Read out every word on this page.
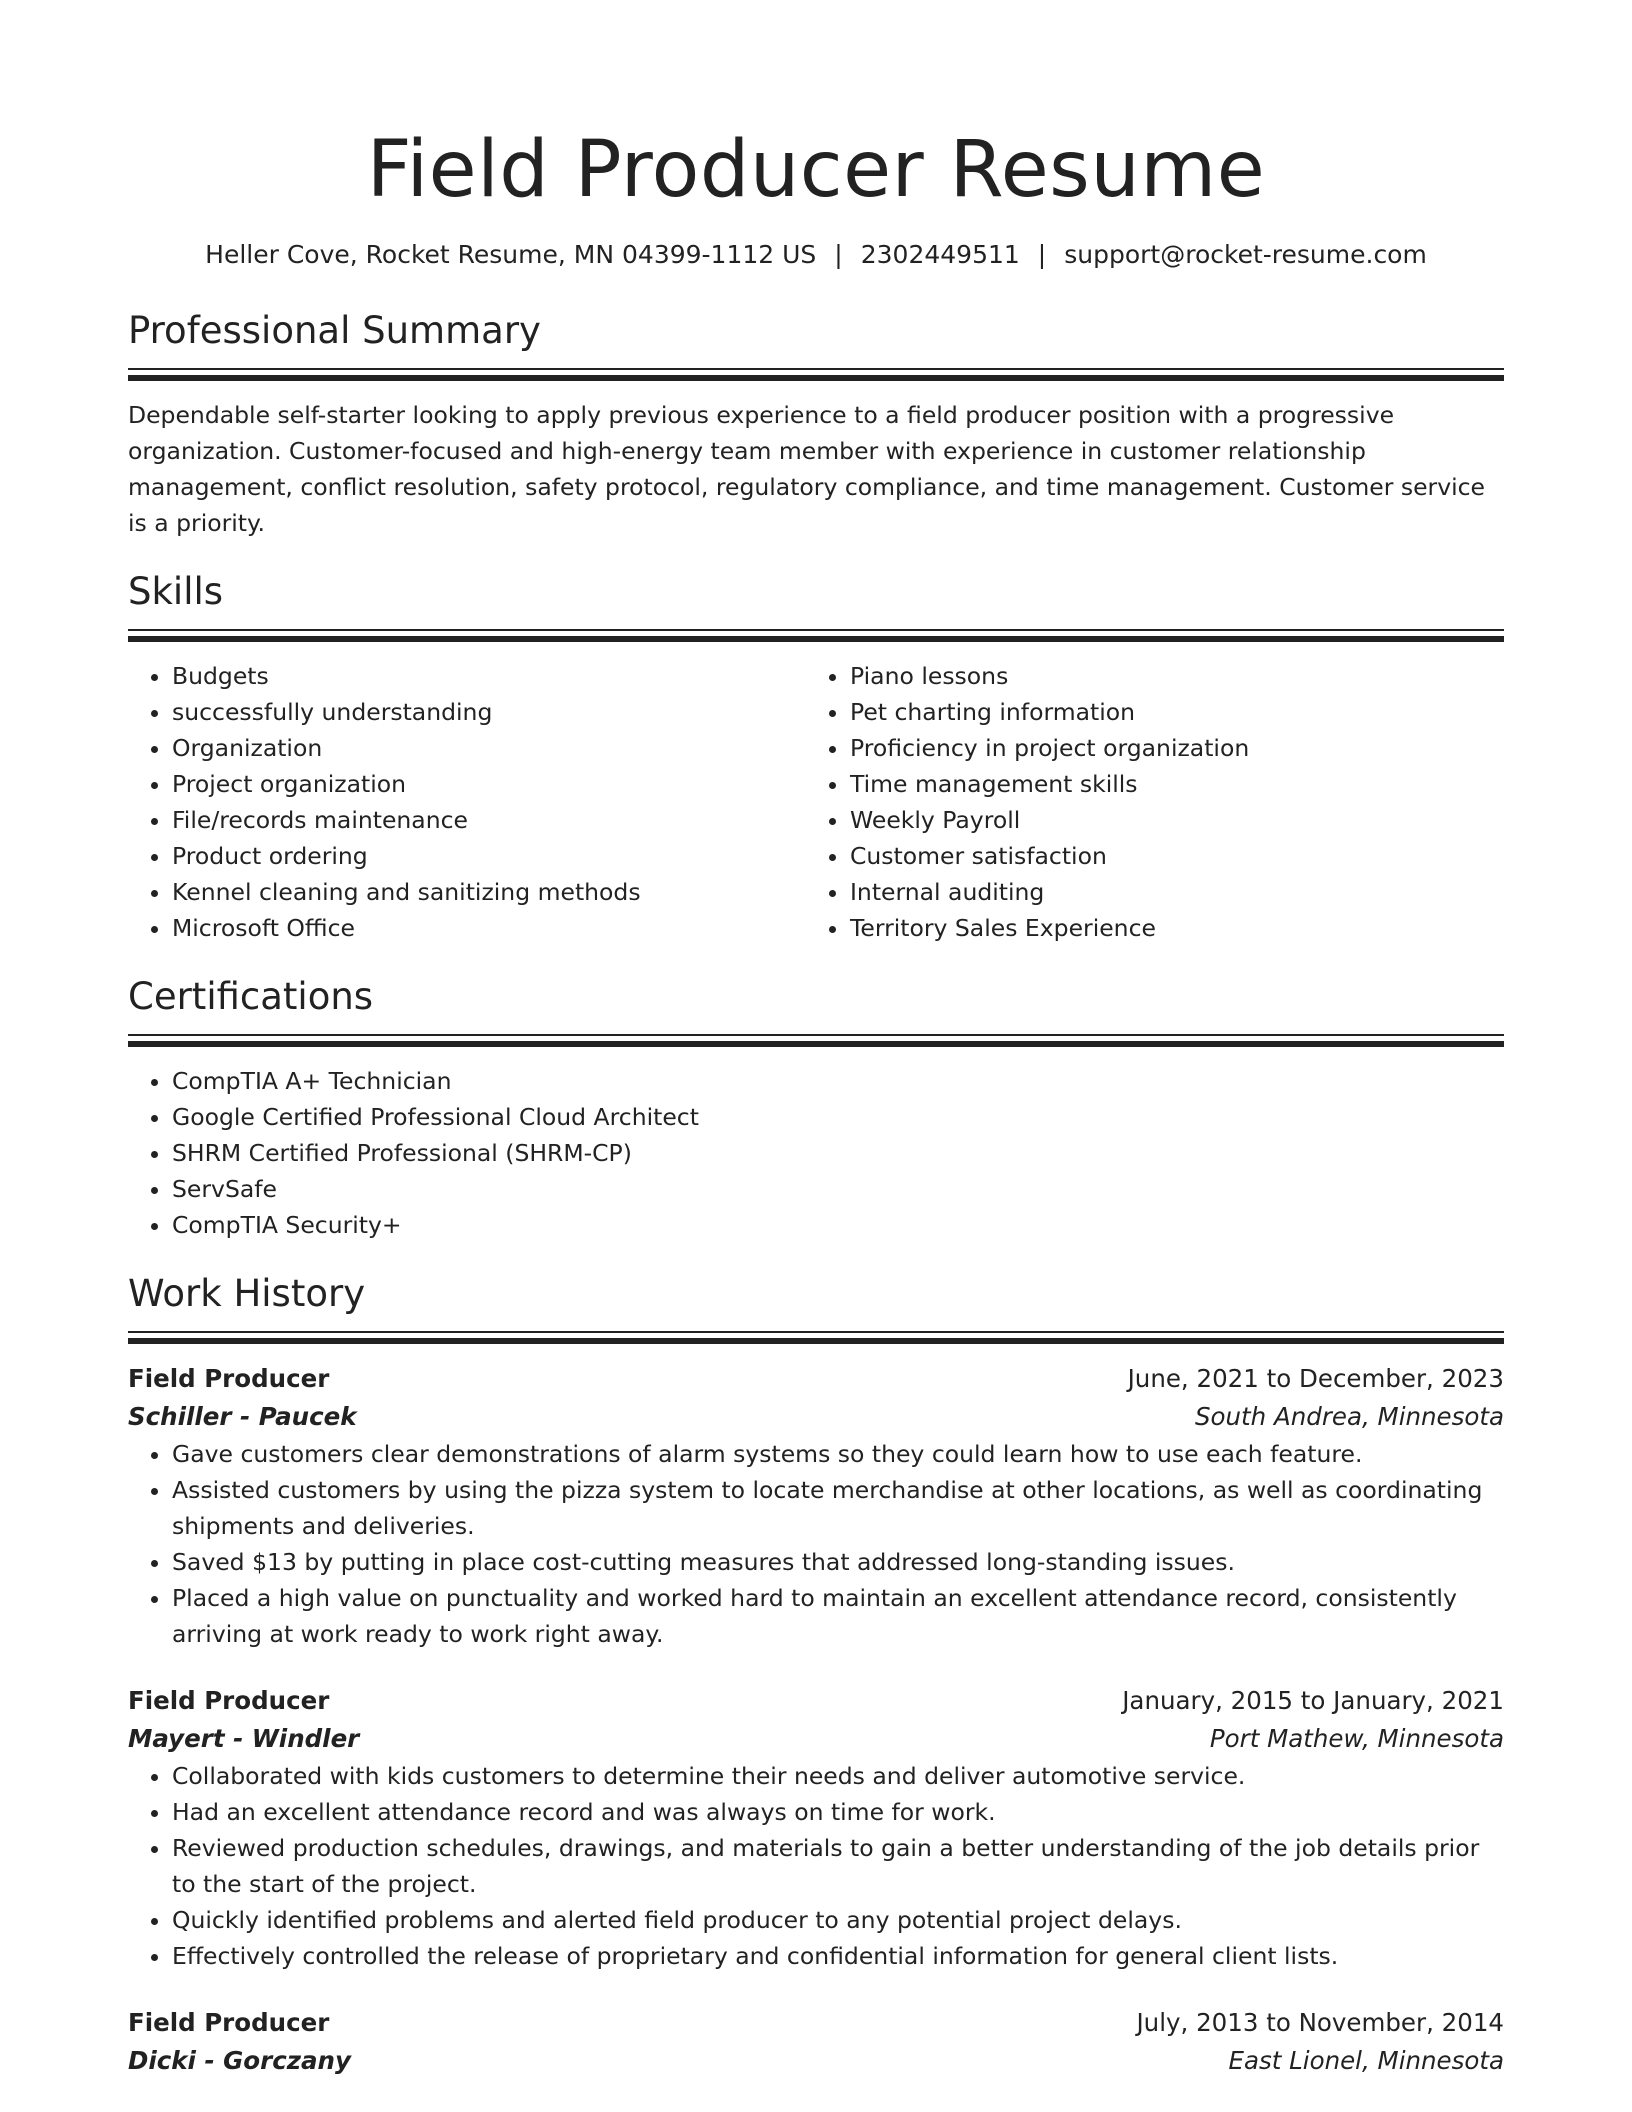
Field Producer Resume
Heller Cove, Rocket Resume, MN 04399-1112 US | 2302449511 | support@rocket-resume.com
Professional Summary

Dependable self-starter looking to apply previous experience to a field producer position with a progressive organization. Customer-focused and high-energy team member with experience in customer relationship management, conflict resolution, safety protocol, regulatory compliance, and time management. Customer service is a priority.

Skills
• Budgets
• successfully understanding
• Organization
• Project organization
• File/records maintenance
• Product ordering
• Kennel cleaning and sanitizing methods
• Microsoft Office
• Piano lessons
• Pet charting information
• Proficiency in project organization
• Time management skills
• Weekly Payroll
• Customer satisfaction
• Internal auditing
• Territory Sales Experience
Certifications
• CompTIA A+ Technician
• Google Certified Professional Cloud Architect
• SHRM Certified Professional (SHRM-CP)
• ServSafe
• CompTIA Security+
Work History
Field Producer	June, 2021 to December, 2023
Schiller - Paucek	South Andrea, Minnesota
• Gave customers clear demonstrations of alarm systems so they could learn how to use each feature.
• Assisted customers by using the pizza system to locate merchandise at other locations, as well as coordinating shipments and deliveries.
• Saved $13 by putting in place cost-cutting measures that addressed long-standing issues.
• Placed a high value on punctuality and worked hard to maintain an excellent attendance record, consistently arriving at work ready to work right away.
Field Producer	January, 2015 to January, 2021
Mayert - Windler	Port Mathew, Minnesota
• Collaborated with kids customers to determine their needs and deliver automotive service.
• Had an excellent attendance record and was always on time for work.
• Reviewed production schedules, drawings, and materials to gain a better understanding of the job details prior to the start of the project.
• Quickly identified problems and alerted field producer to any potential project delays.
• Effectively controlled the release of proprietary and confidential information for general client lists.
Field Producer	July, 2013 to November, 2014
Dicki - Gorczany	East Lionel, Minnesota
